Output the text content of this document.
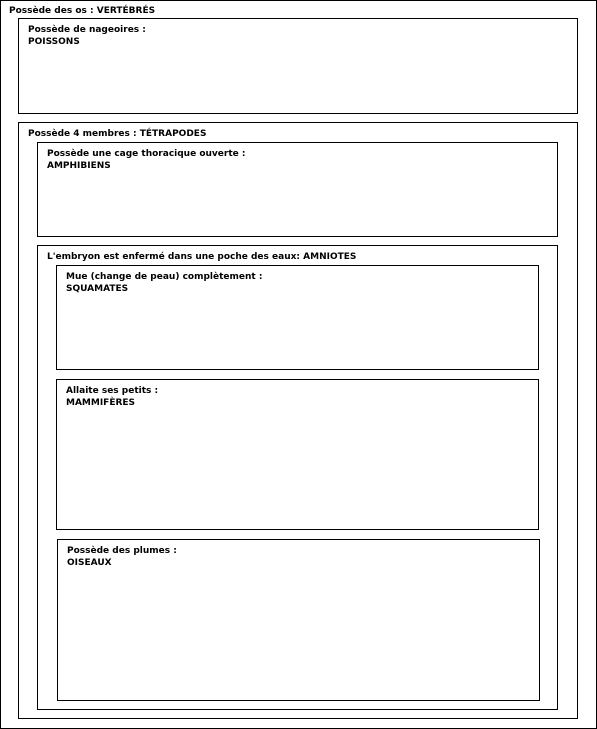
Possède des os : VERTÉBRÉS
Possède de nageoires :
POISSONS
Possède 4 membres : TÉTRAPODES
Possède une cage thoracique ouverte :
AMPHIBIENS
L'embryon est enfermé dans une poche des eaux: AMNIOTES
Mue (change de peau) complètement :
SQUAMATES
Allaite ses petits :
MAMMIFÈRES
Possède des plumes :
OISEAUX
